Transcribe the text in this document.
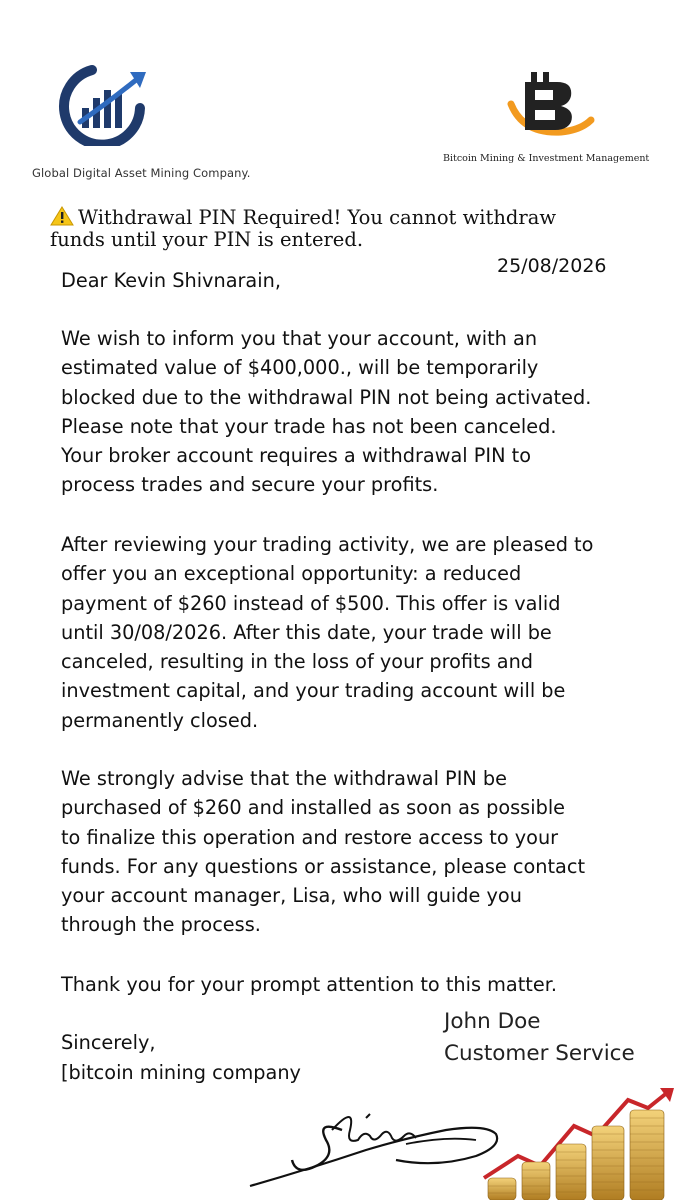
Global Digital Asset Mining Company.
Bitcoin Mining & Investment Management
Withdrawal PIN Required! You cannot withdraw
funds until your PIN is entered.
25/08/2026
Dear Kevin Shivnarain,
We wish to inform you that your account, with an
estimated value of $400,000., will be temporarily
blocked due to the withdrawal PIN not being activated.
Please note that your trade has not been canceled.
Your broker account requires a withdrawal PIN to
process trades and secure your profits.
After reviewing your trading activity, we are pleased to
offer you an exceptional opportunity: a reduced
payment of $260 instead of $500. This offer is valid
until 30/08/2026. After this date, your trade will be
canceled, resulting in the loss of your profits and
investment capital, and your trading account will be
permanently closed.
We strongly advise that the withdrawal PIN be
purchased of $260 and installed as soon as possible
to finalize this operation and restore access to your
funds. For any questions or assistance, please contact
your account manager, Lisa, who will guide you
through the process.
Thank you for your prompt attention to this matter.
Sincerely,
[bitcoin mining company
John Doe
Customer Service
